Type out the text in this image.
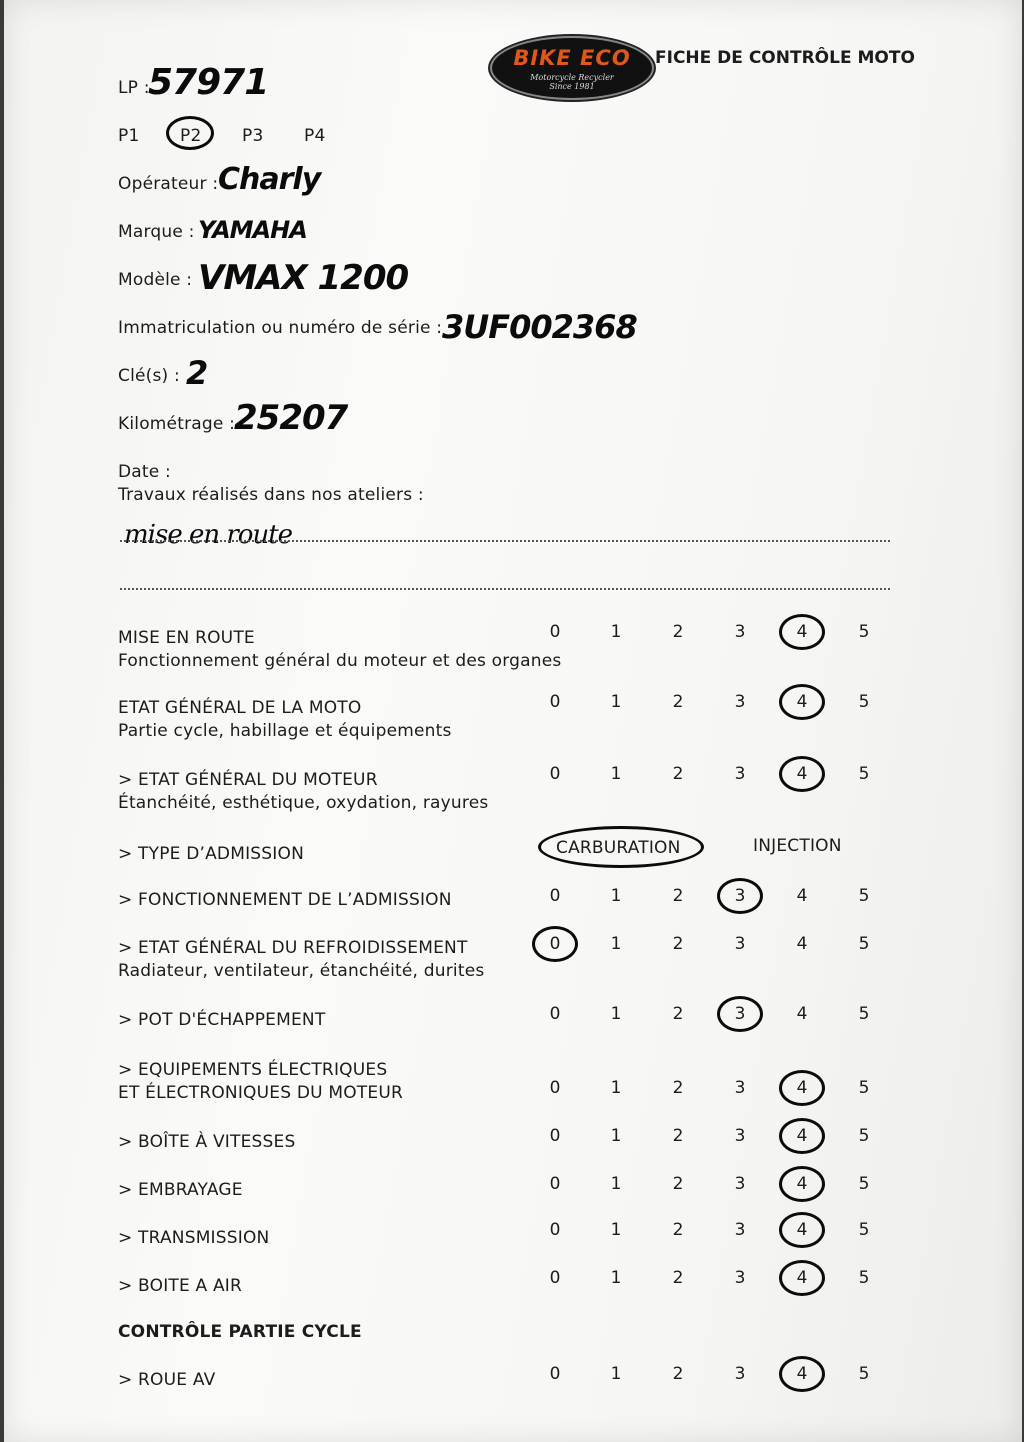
BIKE ECO
Motorcycle Recycler
Since 1981
FICHE DE CONTRÔLE MOTO
LP :
57971
P1 P2 P3 P4
Opérateur : Charly
Marque : YAMAHA
Modèle : VMAX 1200
Immatriculation ou numéro de série : 3UF002368
Clé(s) : 2
Kilométrage :
25207
Date :
Travaux réalisés dans nos ateliers :
mise en route
MISE EN ROUTE
Fonctionnement général du moteur et des organes
0	1	2	3	4	5
ETAT GÉNÉRAL DE LA MOTO
Partie cycle, habillage et équipements
0	1	2	3	4	5
> ETAT GÉNÉRAL DU MOTEUR
Étanchéité, esthétique, oxydation, rayures
0	1	2	3	4	5
> TYPE D’ADMISSION	CARBURATION	INJECTION
> FONCTIONNEMENT DE L’ADMISSION	0	1	2	3	4	5
> ETAT GÉNÉRAL DU REFROIDISSEMENT
Radiateur, ventilateur, étanchéité, durites
0	1	2	3	4	5
> POT D'ÉCHAPPEMENT	0	1	2	3	4	5
> EQUIPEMENTS ÉLECTRIQUES
ET ÉLECTRONIQUES DU MOTEUR	0	1	2	3	4	5
> BOÎTE À VITESSES	0	1	2	3	4	5
> EMBRAYAGE	0	1	2	3	4	5
> TRANSMISSION	0	1	2	3	4	5
> BOITE A AIR	0	1	2	3	4	5
CONTRÔLE PARTIE CYCLE
> ROUE AV	0	1	2	3	4	5
